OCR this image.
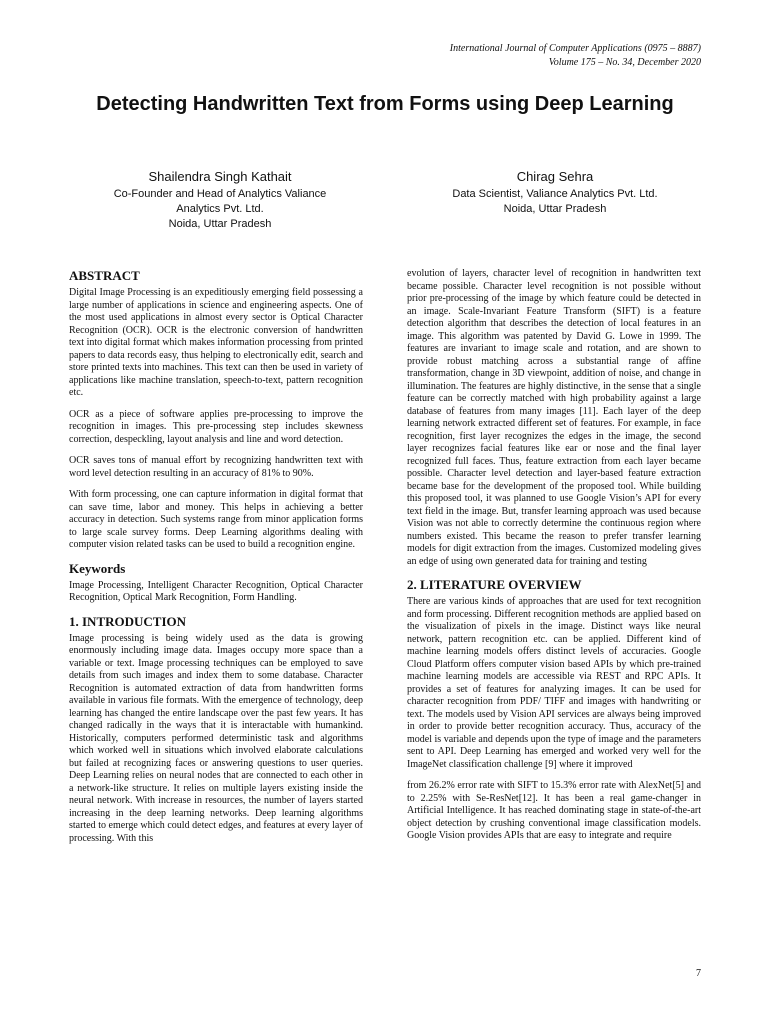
International Journal of Computer Applications (0975 – 8887)
Volume 175 – No. 34, December 2020
Detecting Handwritten Text from Forms using Deep Learning
Shailendra Singh Kathait
Co-Founder and Head of Analytics Valiance
Analytics Pvt. Ltd.
Noida, Uttar Pradesh
Chirag Sehra
Data Scientist, Valiance Analytics Pvt. Ltd.
Noida, Uttar Pradesh
ABSTRACT

Digital Image Processing is an expeditiously emerging field possessing a large number of applications in science and engineering aspects. One of the most used applications in almost every sector is Optical Character Recognition (OCR). OCR is the electronic conversion of handwritten text into digital format which makes information processing from printed papers to data records easy, thus helping to electronically edit, search and store printed texts into machines. This text can then be used in variety of applications like machine translation, speech-to-text, pattern recognition etc.

OCR as a piece of software applies pre-processing to improve the recognition in images. This pre-processing step includes skewness correction, despeckling, layout analysis and line and word detection.

OCR saves tons of manual effort by recognizing handwritten text with word level detection resulting in an accuracy of 81% to 90%.

With form processing, one can capture information in digital format that can save time, labor and money. This helps in achieving a better accuracy in detection. Such systems range from minor application forms to large scale survey forms. Deep Learning algorithms dealing with computer vision related tasks can be used to build a recognition engine.

Keywords

Image Processing, Intelligent Character Recognition, Optical Character Recognition, Optical Mark Recognition, Form Handling.

1. INTRODUCTION

Image processing is being widely used as the data is growing enormously including image data. Images occupy more space than a variable or text. Image processing techniques can be employed to save details from such images and index them to some database. Character Recognition is automated extraction of data from handwritten forms available in various file formats. With the emergence of technology, deep learning has changed the entire landscape over the past few years. It has changed radically in the ways that it is interactable with humankind. Historically, computers performed deterministic task and algorithms which worked well in situations which involved elaborate calculations but failed at recognizing faces or answering questions to user queries. Deep Learning relies on neural nodes that are connected to each other in a network-like structure. It relies on multiple layers existing inside the neural network. With increase in resources, the number of layers started increasing in the deep learning networks. Deep learning algorithms started to emerge which could detect edges, and features at every layer of processing. With this

evolution of layers, character level of recognition in handwritten text became possible. Character level recognition is not possible without prior pre-processing of the image by which feature could be detected in an image. Scale-Invariant Feature Transform (SIFT) is a feature detection algorithm that describes the detection of local features in an image. This algorithm was patented by David G. Lowe in 1999. The features are invariant to image scale and rotation, and are shown to provide robust matching across a substantial range of affine transformation, change in 3D viewpoint, addition of noise, and change in illumination. The features are highly distinctive, in the sense that a single feature can be correctly matched with high probability against a large database of features from many images [11]. Each layer of the deep learning network extracted different set of features. For example, in face recognition, first layer recognizes the edges in the image, the second layer recognizes facial features like ear or nose and the final layer recognized full faces. Thus, feature extraction from each layer became possible. Character level detection and layer-based feature extraction became base for the development of the proposed tool. While building this proposed tool, it was planned to use Google Vision’s API for every text field in the image. But, transfer learning approach was used because Vision was not able to correctly determine the continuous region where numbers existed. This became the reason to prefer transfer learning models for digit extraction from the images. Customized modeling gives an edge of using own generated data for training and testing

2. LITERATURE OVERVIEW

There are various kinds of approaches that are used for text recognition and form processing. Different recognition methods are applied based on the visualization of pixels in the image. Distinct ways like neural network, pattern recognition etc. can be applied. Different kind of machine learning models offers distinct levels of accuracies. Google Cloud Platform offers computer vision based APIs by which pre-trained machine learning models are accessible via REST and RPC APIs. It provides a set of features for analyzing images. It can be used for character recognition from PDF/ TIFF and images with handwriting or text. The models used by Vision API services are always being improved in order to provide better recognition accuracy. Thus, accuracy of the model is variable and depends upon the type of image and the parameters sent to API. Deep Learning has emerged and worked very well for the ImageNet classification challenge [9] where it improved

from 26.2% error rate with SIFT to 15.3% error rate with AlexNet[5] and to 2.25% with Se-ResNet[12]. It has been a real game-changer in Artificial Intelligence. It has reached dominating stage in state-of-the-art object detection by crushing conventional image classification models. Google Vision provides APIs that are easy to integrate and require

7
